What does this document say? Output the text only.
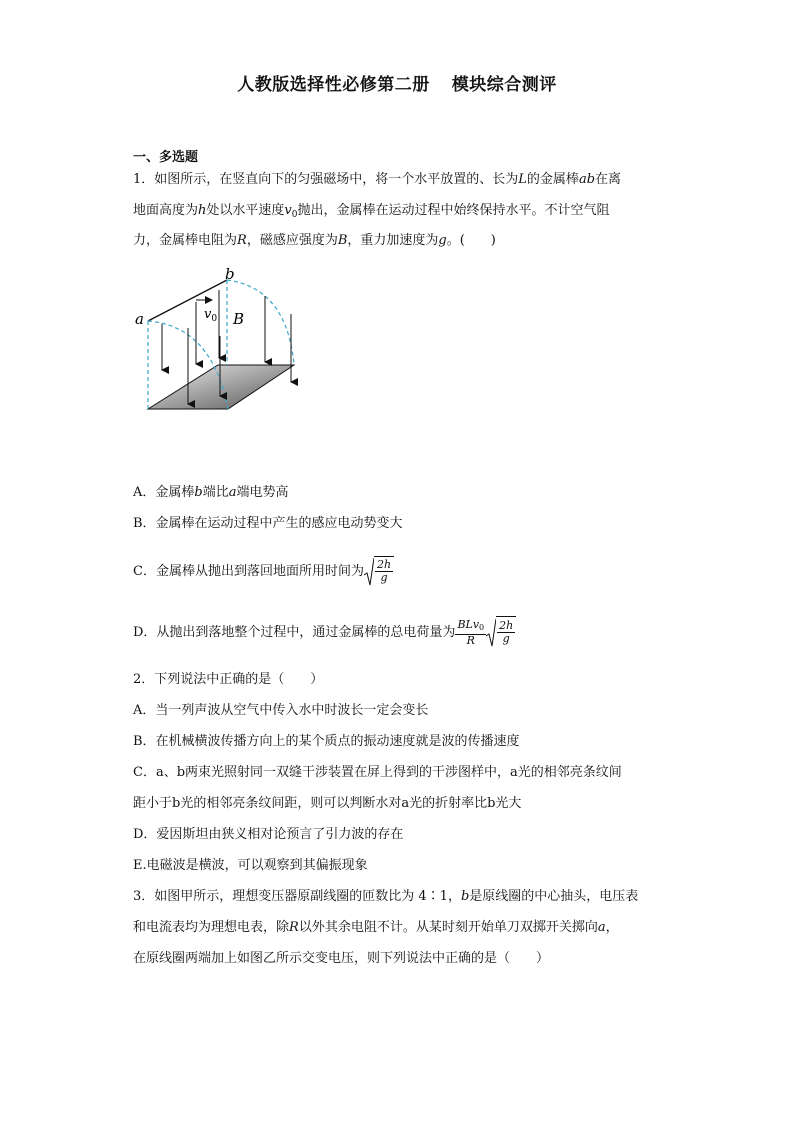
人教版选择性必修第二册 模块综合测评
一、多选题
1．如图所示，在竖直向下的匀强磁场中，将一个水平放置的、长为L的金属棒ab在离
地面高度为h处以水平速度$v_0$抛出，金属棒在运动过程中始终保持水平。不计空气阻
力，金属棒电阻为R，磁感应强度为B，重力加速度为g。(　　)
a
b
$v_0$ B
A．金属棒b端比a端电势高
B．金属棒在运动过程中产生的感应电动势变大
C．金属棒从抛出到落回地面所用时间为 $\frac{2h}{g}$
D．从抛出到落地整个过程中，通过金属棒的总电荷量为 $\frac{\text{BLv0}}{R} \frac{2h}{g}$
2．下列说法中正确的是（　　）
A．当一列声波从空气中传入水中时波长一定会变长
B．在机械横波传播方向上的某个质点的振动速度就是波的传播速度
C．a、b两束光照射同一双缝干涉装置在屏上得到的干涉图样中，a光的相邻亮条纹间
距小于b光的相邻亮条纹间距，则可以判断水对a光的折射率比b光大
D．爱因斯坦由狭义相对论预言了引力波的存在
E.电磁波是横波，可以观察到其偏振现象
3．如图甲所示，理想变压器原副线圈的匝数比为 4∶1，b是原线圈的中心抽头，电压表
和电流表均为理想电表，除R以外其余电阻不计。从某时刻开始单刀双掷开关掷向a，
在原线圈两端加上如图乙所示交变电压，则下列说法中正确的是（　　）
